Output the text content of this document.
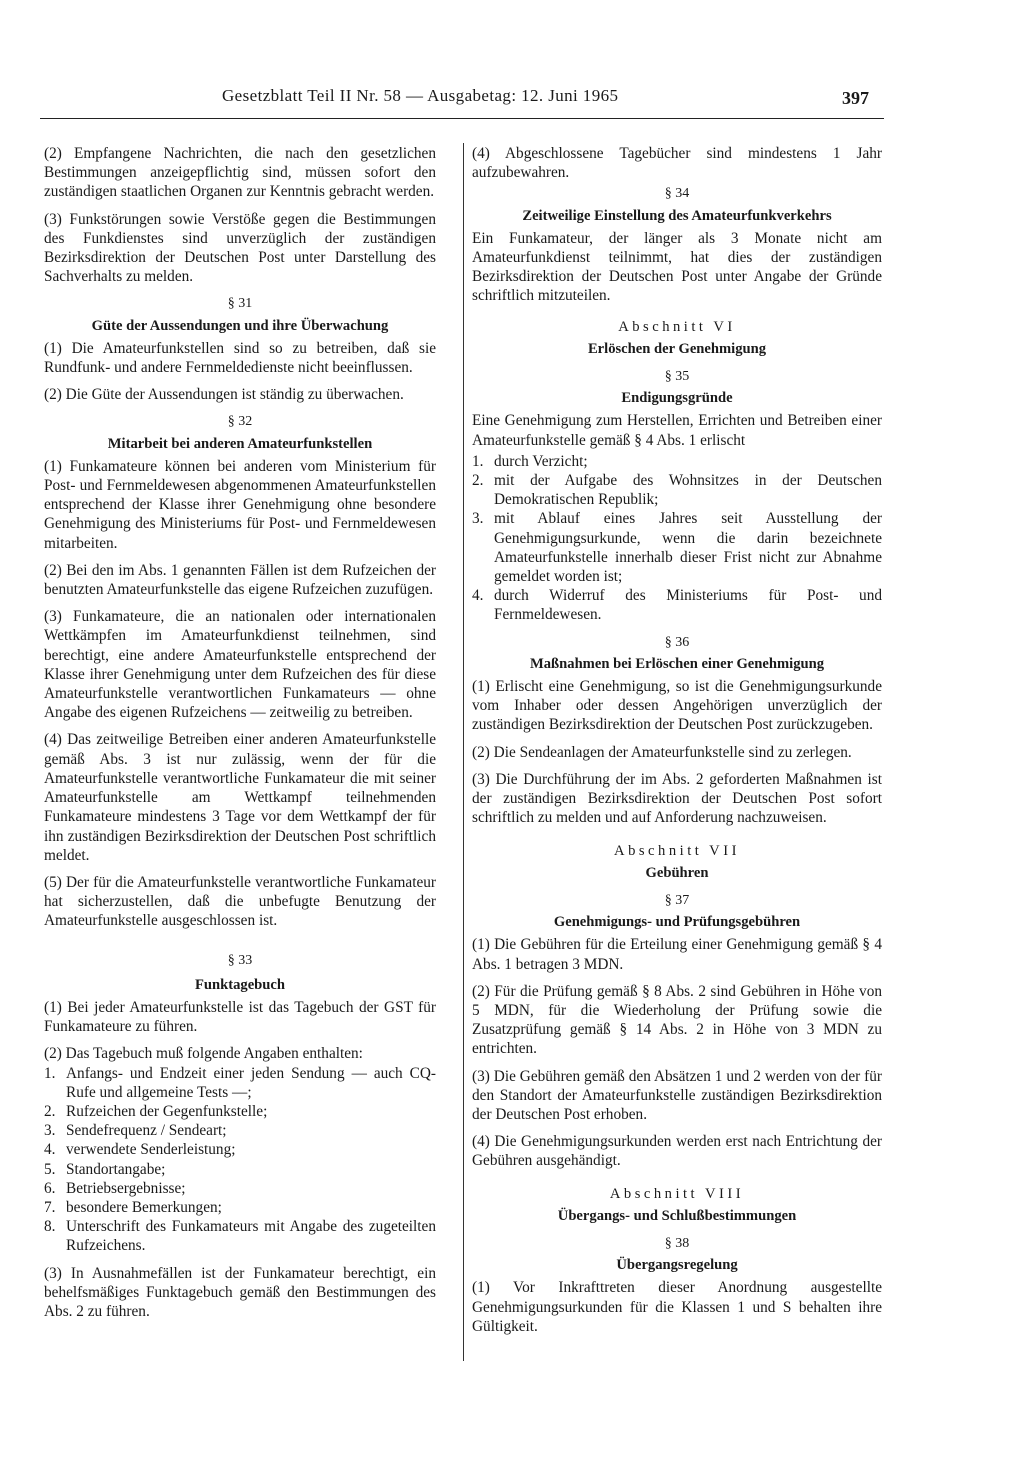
Gesetzblatt Teil II Nr. 58 — Ausgabetag: 12. Juni 1965	397

(2) Empfangene Nachrichten, die nach den gesetzlichen Bestimmungen anzeigepflichtig sind, müssen sofort den zuständigen staatlichen Organen zur Kenntnis gebracht werden.

(3) Funkstörungen sowie Verstöße gegen die Bestimmungen des Funkdienstes sind unverzüglich der zuständigen Bezirksdirektion der Deutschen Post unter Darstellung des Sachverhalts zu melden.

§ 31
Güte der Aussendungen und ihre Überwachung

(1) Die Amateurfunkstellen sind so zu betreiben, daß sie Rundfunk- und andere Fernmeldedienste nicht beeinflussen.

(2) Die Güte der Aussendungen ist ständig zu überwachen.

§ 32
Mitarbeit bei anderen Amateurfunkstellen

(1) Funkamateure können bei anderen vom Ministerium für Post- und Fernmeldewesen abgenommenen Amateurfunkstellen entsprechend der Klasse ihrer Genehmigung ohne besondere Genehmigung des Ministeriums für Post- und Fernmeldewesen mitarbeiten.

(2) Bei den im Abs. 1 genannten Fällen ist dem Rufzeichen der benutzten Amateurfunkstelle das eigene Rufzeichen zuzufügen.

(3) Funkamateure, die an nationalen oder internationalen Wettkämpfen im Amateurfunkdienst teilnehmen, sind berechtigt, eine andere Amateurfunkstelle entsprechend der Klasse ihrer Genehmigung unter dem Rufzeichen des für diese Amateurfunkstelle verantwortlichen Funkamateurs — ohne Angabe des eigenen Rufzeichens — zeitweilig zu betreiben.

(4) Das zeitweilige Betreiben einer anderen Amateurfunkstelle gemäß Abs. 3 ist nur zulässig, wenn der für die Amateurfunkstelle verantwortliche Funkamateur die mit seiner Amateurfunkstelle am Wettkampf teilnehmenden Funkamateure mindestens 3 Tage vor dem Wettkampf der für ihn zuständigen Bezirksdirektion der Deutschen Post schriftlich meldet.

(5) Der für die Amateurfunkstelle verantwortliche Funkamateur hat sicherzustellen, daß die unbefugte Benutzung der Amateurfunkstelle ausgeschlossen ist.

§ 33
Funktagebuch

(1) Bei jeder Amateurfunkstelle ist das Tagebuch der GST für Funkamateure zu führen.

(2) Das Tagebuch muß folgende Angaben enthalten:

1. Anfangs- und Endzeit einer jeden Sendung — auch CQ-Rufe und allgemeine Tests —;
2. Rufzeichen der Gegenfunkstelle;
3. Sendefrequenz / Sendeart;
4. verwendete Senderleistung;
5. Standortangabe;
6. Betriebsergebnisse;
7. besondere Bemerkungen;
8. Unterschrift des Funkamateurs mit Angabe des zugeteilten Rufzeichens.

(3) In Ausnahmefällen ist der Funkamateur berechtigt, ein behelfsmäßiges Funktagebuch gemäß den Bestimmungen des Abs. 2 zu führen.

(4) Abgeschlossene Tagebücher sind mindestens 1 Jahr aufzubewahren.

§ 34
Zeitweilige Einstellung des Amateurfunkverkehrs

Ein Funkamateur, der länger als 3 Monate nicht am Amateurfunkdienst teilnimmt, hat dies der zuständigen Bezirksdirektion der Deutschen Post unter Angabe der Gründe schriftlich mitzuteilen.

Abschnitt VI
Erlöschen der Genehmigung
§ 35
Endigungsgründe

Eine Genehmigung zum Herstellen, Errichten und Betreiben einer Amateurfunkstelle gemäß § 4 Abs. 1 erlischt

1. durch Verzicht;
2. mit der Aufgabe des Wohnsitzes in der Deutschen Demokratischen Republik;
3. mit Ablauf eines Jahres seit Ausstellung der Genehmigungsurkunde, wenn die darin bezeichnete Amateurfunkstelle innerhalb dieser Frist nicht zur Abnahme gemeldet worden ist;
4. durch Widerruf des Ministeriums für Post- und Fernmeldewesen.
§ 36
Maßnahmen bei Erlöschen einer Genehmigung

(1) Erlischt eine Genehmigung, so ist die Genehmigungsurkunde vom Inhaber oder dessen Angehörigen unverzüglich der zuständigen Bezirksdirektion der Deutschen Post zurückzugeben.

(2) Die Sendeanlagen der Amateurfunkstelle sind zu zerlegen.

(3) Die Durchführung der im Abs. 2 geforderten Maßnahmen ist der zuständigen Bezirksdirektion der Deutschen Post sofort schriftlich zu melden und auf Anforderung nachzuweisen.

Abschnitt VII
Gebühren
§ 37
Genehmigungs- und Prüfungsgebühren

(1) Die Gebühren für die Erteilung einer Genehmigung gemäß § 4 Abs. 1 betragen 3 MDN.

(2) Für die Prüfung gemäß § 8 Abs. 2 sind Gebühren in Höhe von 5 MDN, für die Wiederholung der Prüfung sowie die Zusatzprüfung gemäß § 14 Abs. 2 in Höhe von 3 MDN zu entrichten.

(3) Die Gebühren gemäß den Absätzen 1 und 2 werden von der für den Standort der Amateurfunkstelle zuständigen Bezirksdirektion der Deutschen Post erhoben.

(4) Die Genehmigungsurkunden werden erst nach Entrichtung der Gebühren ausgehändigt.

Abschnitt VIII
Übergangs- und Schlußbestimmungen
§ 38
Übergangsregelung

(1) Vor Inkrafttreten dieser Anordnung ausgestellte Genehmigungsurkunden für die Klassen 1 und S behalten ihre Gültigkeit.
